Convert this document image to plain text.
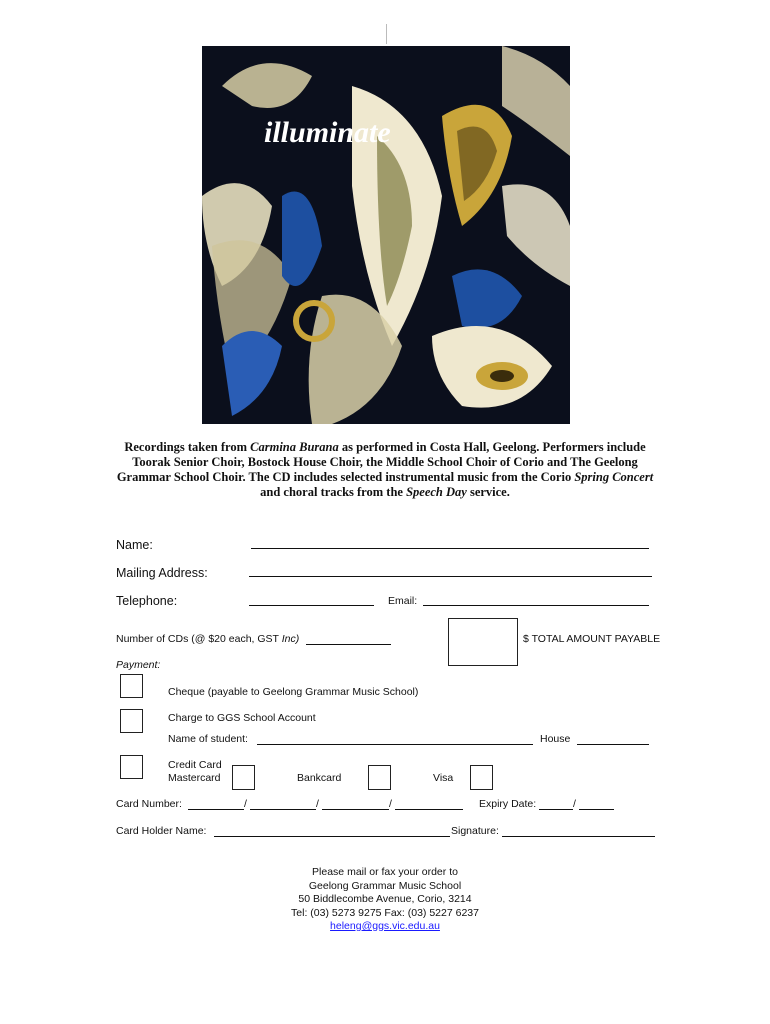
illuminate
Recordings taken from Carmina Burana as performed in Costa Hall, Geelong. Performers include Toorak Senior Choir, Bostock House Choir, the Middle School Choir of Corio and The Geelong Grammar School Choir. The CD includes selected instrumental music from the Corio Spring Concert and choral tracks from the Speech Day service.
Name:
Mailing Address:
Telephone:	Email:
Number of CDs (@ $20 each, GST Inc)	$ TOTAL AMOUNT PAYABLE
Payment:
Cheque (payable to Geelong Grammar Music School)
Charge to GGS School Account
Name of student:	House
Credit Card
Mastercard	Bankcard	Visa
Card Number:	/	/	/	Expiry Date:	/
Card Holder Name:	Signature:
Please mail or fax your order to
Geelong Grammar Music School
50 Biddlecombe Avenue, Corio, 3214
Tel: (03) 5273 9275 Fax: (03) 5227 6237
heleng@ggs.vic.edu.au
